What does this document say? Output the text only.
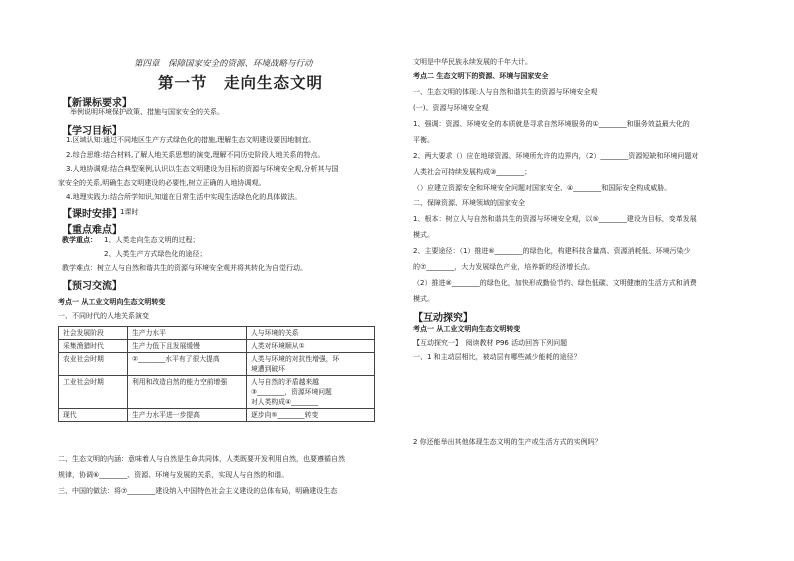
第四章　保障国家安全的资源、环境战略与行动
第一节　走向生态文明
【新课标要求】
举例说明环境保护政策、措施与国家安全的关系。
【学习目标】
1.区域认知:通过不同地区生产方式绿色化的措施,理解生态文明建设要因地制宜。
2.综合思维:结合材料,了解人地关系思想的演变,理解不同历史阶段人地关系的特点。
3.人地协调观:结合典型案例,认识以生态文明建设为目标的资源与环境安全观,分析其与国
家安全的关系,明确生态文明建设的必要性,树立正确的人地协调观。
4.地理实践力:结合所学知识,知道在日常生活中实现生活绿色化的具体做法。
【课时安排】
1课时
【重点难点】
教学重点： 1、人类走向生态文明的过程；
2、人类生产方式绿色化的途径；
教学难点：树立人与自然和谐共生的资源与环境安全观并将其转化为自觉行动。
【预习交流】
考点一 从工业文明向生态文明转变
一、不同时代的人地关系演变
社会发展阶段	生产力水平	人与环境的关系
采集渔猎时代	生产力低下且发展缓慢	人类对环境顺从①
农业社会时期	②________水平有了很大提高	人类与环境的对抗性增强，环
境遭到破坏

工业社会时期	利用和改造自然的能力空前增强	人与自然的矛盾越来越
③________，资源环境问题
对人类构成④________

现代	生产力水平进一步提高	逐步向⑤________转变
二、生态文明的内涵：意味着人与自然是生命共同体，人类既要开发利用自然，也要遵循自然
规律，协调⑥________、资源、环境与发展的关系，实现人与自然的和谐。
三、中国的做法：将⑦________建设纳入中国特色社会主义建设的总体布局，明确建设生态
文明是中华民族永续发展的千年大计。
考点二 生态文明下的资源、环境与国家安全
一、生态文明的体现:人与自然和谐共生的资源与环境安全观
(一)、资源与环境安全观
1、强调：资源、环境安全的本质就是寻求自然环境服务的①________和服务效益最大化的
平衡。
2、两大要求（）应在地球资源、环境所允许的边界内，（2）________资源短缺和环境问题对
人类社会可持续发展构成③________；
（）应建立资源安全和环境安全问题对国家安全、④________和国际安全构成威胁。
二、保障资源、环境领域的国家安全
1、根本：树立人与自然和谐共生的资源与环境安全观，以⑤________建设为目标，变革发展
模式。
2、主要途径：（1）推进⑥________的绿色化，构建科技含量高、资源消耗低、环境污染少
的⑦________，大力发展绿色产业，培养新的经济增长点。
（2）推进⑧________的绿色化，加快形成勤俭节约、绿色低碳、文明健康的生活方式和消费
模式。
【互动探究】
考点一 从工业文明向生态文明转变
【互动探究一】　阅读教材 P96 活动回答下列问题
一、1 和主动层相比，被动层有哪些减少能耗的途径？
2 你还能举出其他体现生态文明的生产或生活方式的实例吗？
